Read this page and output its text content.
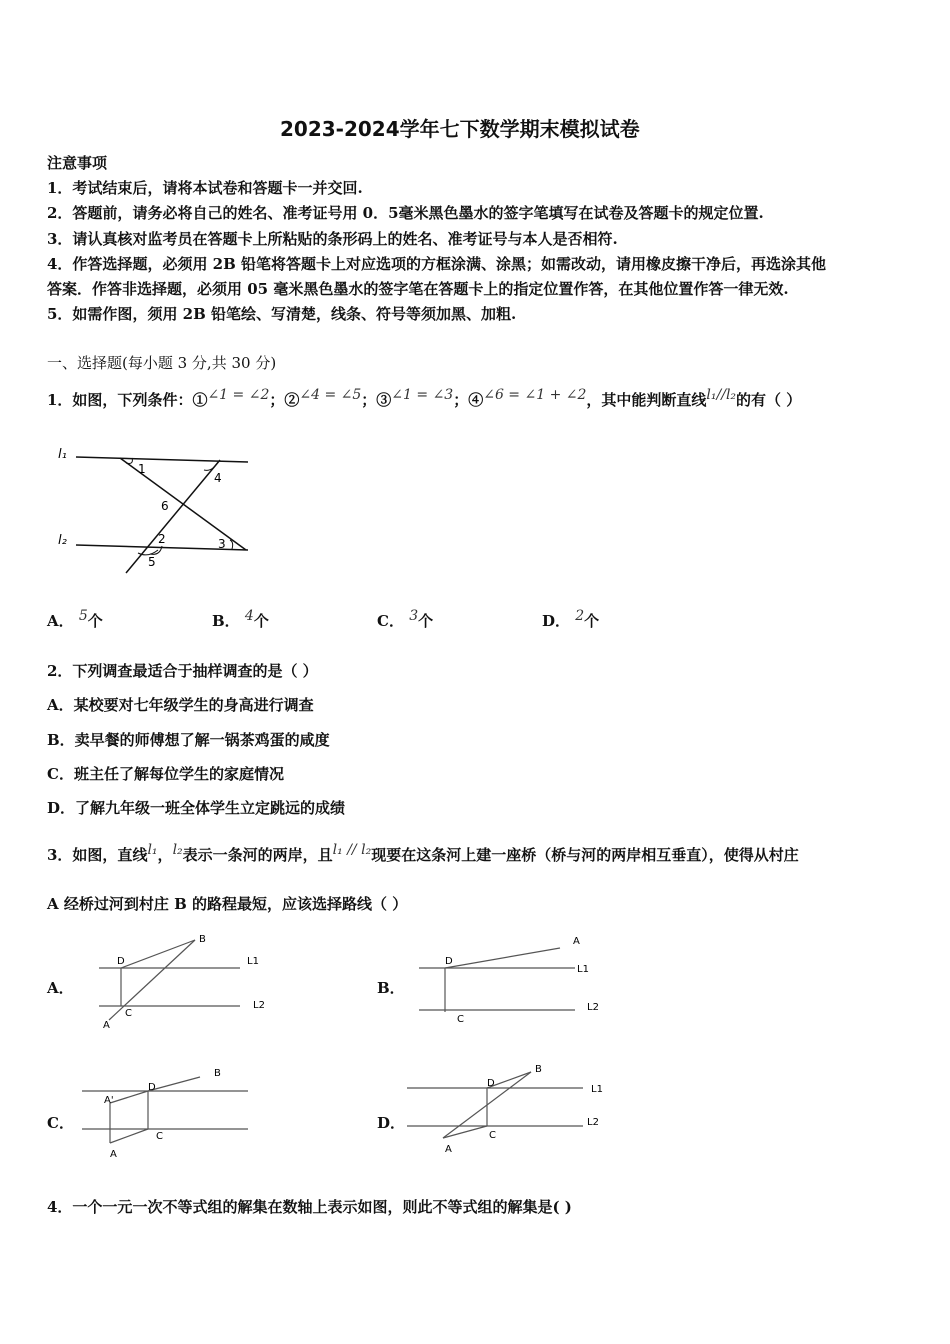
2023-2024学年七下数学期末模拟试卷
注意事项
1．考试结束后，请将本试卷和答题卡一并交回.
2．答题前，请务必将自己的姓名、准考证号用 0．5毫米黑色墨水的签字笔填写在试卷及答题卡的规定位置.
3．请认真核对监考员在答题卡上所粘贴的条形码上的姓名、准考证号与本人是否相符.
4．作答选择题，必须用 2B 铅笔将答题卡上对应选项的方框涂满、涂黑；如需改动，请用橡皮擦干净后，再选涂其他
答案．作答非选择题，必须用 05 毫米黑色墨水的签字笔在答题卡上的指定位置作答，在其他位置作答一律无效.
5．如需作图，须用 2B 铅笔绘、写清楚，线条、符号等须加黑、加粗.
一、选择题(每小题 3 分,共 30 分)
1．如图，下列条件：①∠1 = ∠2；②∠4 = ∠5；③∠1 = ∠3；④∠6 = ∠1 + ∠2，其中能判断直线l₁//l₂的有（ ）
l₁
l₂
1
2	3
4
5
6
A． 5个	B． 4个	C． 3个	D． 2个
2．下列调查最适合于抽样调查的是（ ）
A．某校要对七年级学生的身高进行调查
B．卖早餐的师傅想了解一锅茶鸡蛋的咸度
C．班主任了解每位学生的家庭情况
D．了解九年级一班全体学生立定跳远的成绩
3．如图，直线l₁，l₂表示一条河的两岸，且l₁ // l₂现要在这条河上建一座桥（桥与河的两岸相互垂直），使得从村庄
A 经桥过河到村庄 B 的路程最短，应该选择路线（ ）
A．
B
D	L1
C
L2
A
B．
A
D
L1
C
L2
C．
B
D
A'
C
A
D．
B
D
L1
C
L2
A
4．一个一元一次不等式组的解集在数轴上表示如图，则此不等式组的解集是( )
